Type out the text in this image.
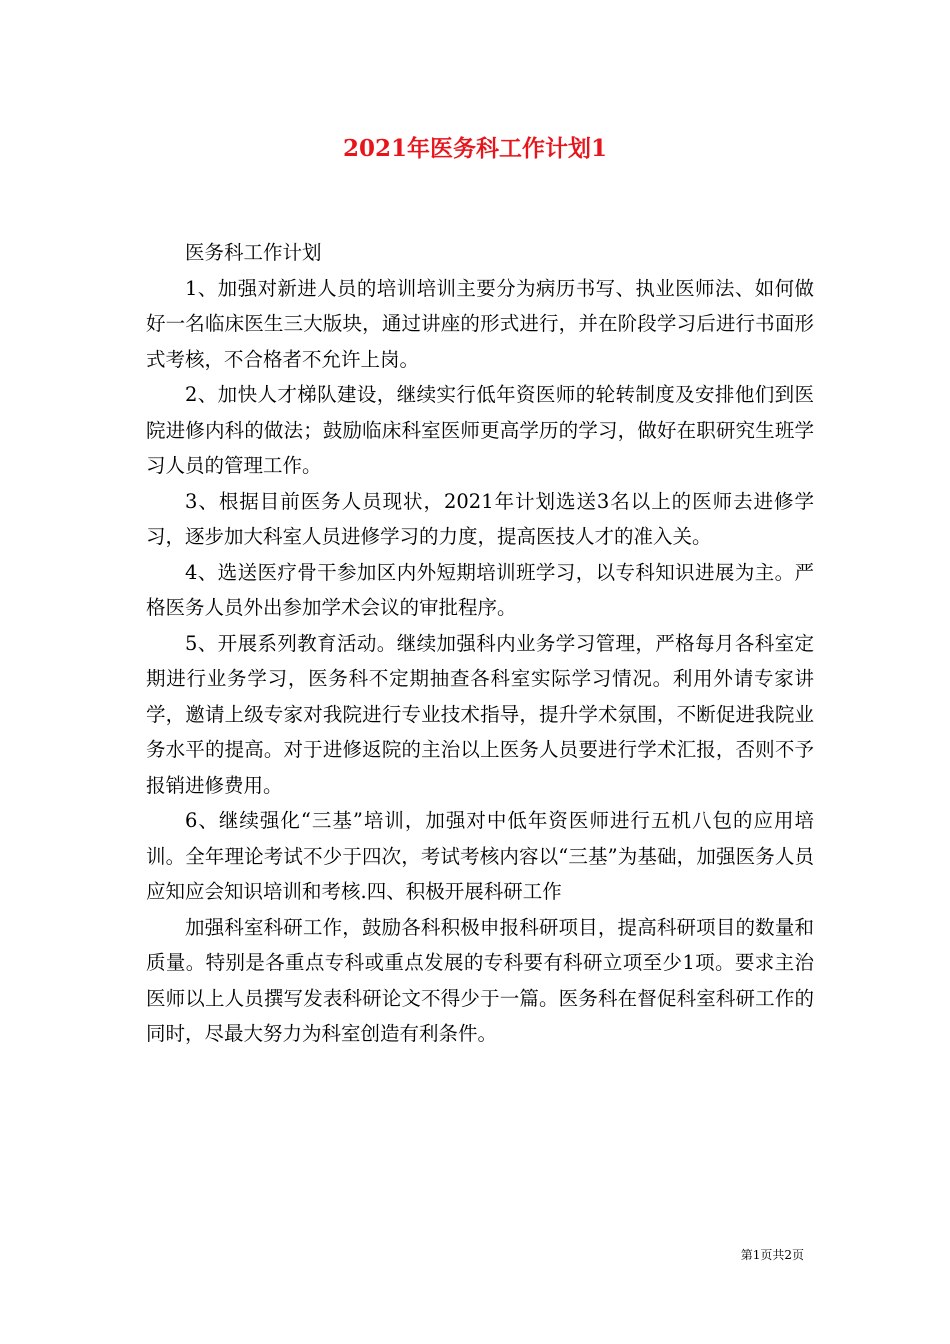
2021年医务科工作计划1

医务科工作计划

1、加强对新进人员的培训培训主要分为病历书写、执业医师法、如何做好一名临床医生三大版块，通过讲座的形式进行，并在阶段学习后进行书面形式考核，不合格者不允许上岗。

2、加快人才梯队建设，继续实行低年资医师的轮转制度及安排他们到医院进修内科的做法；鼓励临床科室医师更高学历的学习，做好在职研究生班学习人员的管理工作。

3、根据目前医务人员现状，2021年计划选送3名以上的医师去进修学习，逐步加大科室人员进修学习的力度，提高医技人才的准入关。

4、选送医疗骨干参加区内外短期培训班学习，以专科知识进展为主。严格医务人员外出参加学术会议的审批程序。

5、开展系列教育活动。继续加强科内业务学习管理，严格每月各科室定期进行业务学习，医务科不定期抽查各科室实际学习情况。利用外请专家讲学，邀请上级专家对我院进行专业技术指导，提升学术氛围，不断促进我院业务水平的提高。对于进修返院的主治以上医务人员要进行学术汇报，否则不予报销进修费用。

6、继续强化“三基”培训，加强对中低年资医师进行五机八包的应用培训。全年理论考试不少于四次，考试考核内容以“三基”为基础，加强医务人员应知应会知识培训和考核.四、积极开展科研工作

加强科室科研工作，鼓励各科积极申报科研项目，提高科研项目的数量和质量。特别是各重点专科或重点发展的专科要有科研立项至少1项。要求主治医师以上人员撰写发表科研论文不得少于一篇。医务科在督促科室科研工作的同时，尽最大努力为科室创造有利条件。

第1页共2页
